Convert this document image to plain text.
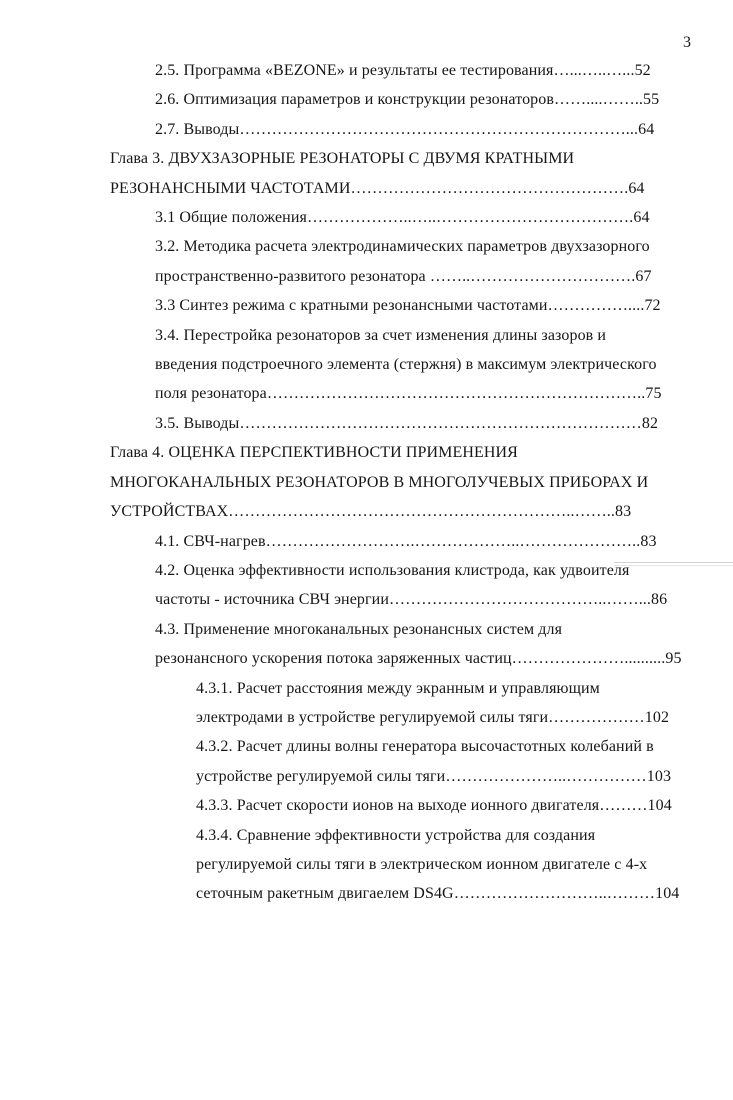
3
2.5. Программа «BEZONE» и результаты ее тестирования…...…..…...52
2.6. Оптимизация параметров и конструкции резонаторов……....……..55
2.7. Выводы………………………………………………………………...64
Глава 3. ДВУХЗАЗОРНЫЕ РЕЗОНАТОРЫ С ДВУМЯ КРАТНЫМИ
РЕЗОНАНСНЫМИ ЧАСТОТАМИ…………………………………………….64
3.1 Общие положения………………..…..……………………………….64
3.2. Методика расчета электродинамических параметров двухзазорного
пространственно-развитого резонатора ……..………………………….67
3.3 Синтез режима с кратными резонансными частотами……………....72
3.4. Перестройка резонаторов за счет изменения длины зазоров и
введения подстроечного элемента (стержня) в максимум электрического
поля резонатора……………………………………………………………..75
3.5. Выводы…………………………………………………………………82
Глава 4. ОЦЕНКА ПЕРСПЕКТИВНОСТИ ПРИМЕНЕНИЯ
МНОГОКАНАЛЬНЫХ РЕЗОНАТОРОВ В МНОГОЛУЧЕВЫХ ПРИБОРАХ И
УСТРОЙСТВАХ………………………………………………………..……..83
4.1. СВЧ-нагрев……………………….………………..…………………..83
4.2. Оценка эффективности использования клистрода, как удвоителя
частоты - источника СВЧ энергии…………………………………..……...86
4.3. Применение многоканальных резонансных систем для
резонансного ускорения потока заряженных частиц…………………..........95
4.3.1. Расчет расстояния между экранным и управляющим
электродами в устройстве регулируемой силы тяги………………102
4.3.2. Расчет длины волны генератора высочастотных колебаний в
устройстве регулируемой силы тяги…………………..……………103
4.3.3. Расчет скорости ионов на выходе ионного двигателя………104
4.3.4. Сравнение эффективности устройства для создания
регулируемой силы тяги в электрическом ионном двигателе с 4-х
сеточным ракетным двигаелем DS4G………………………..………104
